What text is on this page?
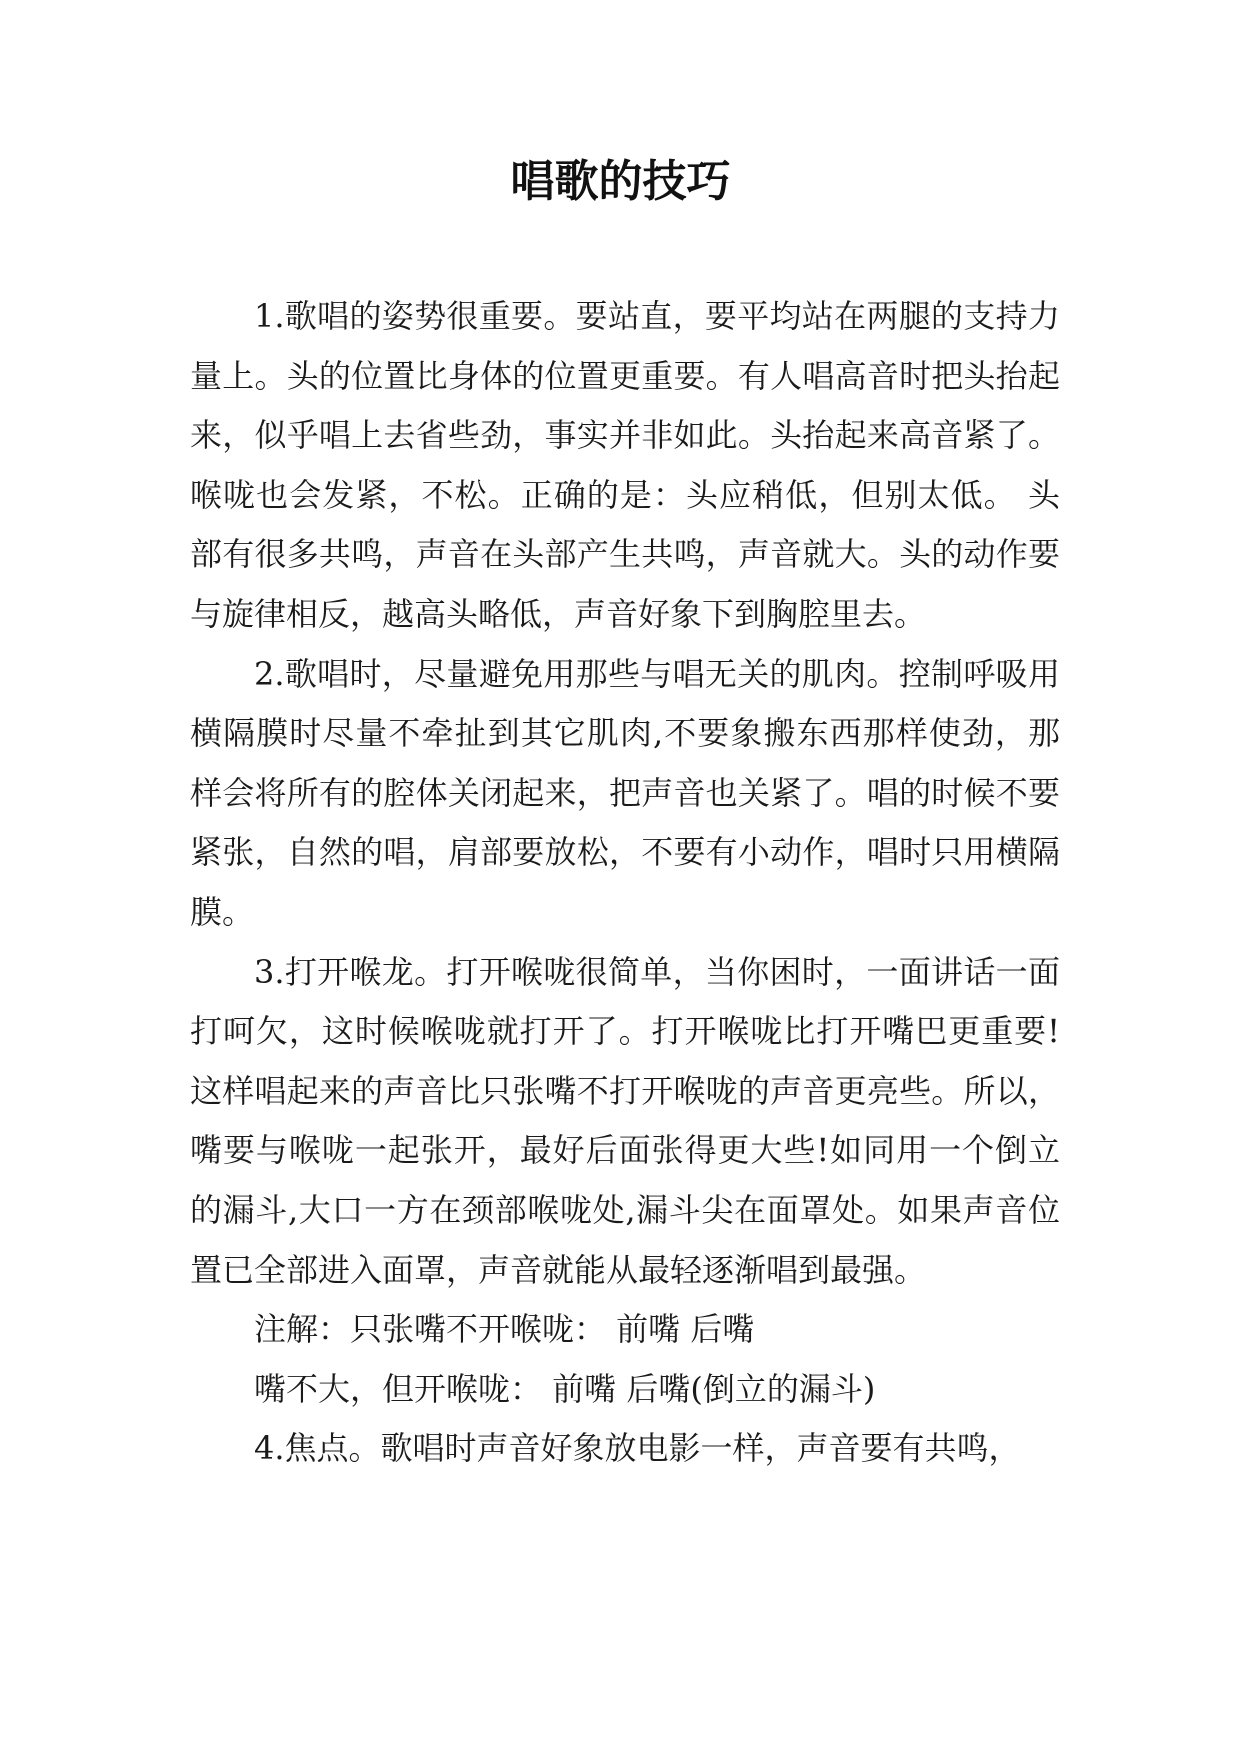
唱歌的技巧

1.歌唱的姿势很重要。要站直，要平均站在两腿的支持力量上。头的位置比身体的位置更重要。有人唱高音时把头抬起来，似乎唱上去省些劲，事实并非如此。头抬起来高音紧了。喉咙也会发紧，不松。正确的是：头应稍低，但别太低。 头部有很多共鸣，声音在头部产生共鸣，声音就大。头的动作要与旋律相反，越高头略低，声音好象下到胸腔里去。

2.歌唱时，尽量避免用那些与唱无关的肌肉。控制呼吸用横隔膜时尽量不牵扯到其它肌肉,不要象搬东西那样使劲，那样会将所有的腔体关闭起来，把声音也关紧了。唱的时候不要紧张，自然的唱，肩部要放松，不要有小动作，唱时只用横隔膜。

3.打开喉龙。打开喉咙很简单，当你困时，一面讲话一面打呵欠，这时候喉咙就打开了。打开喉咙比打开嘴巴更重要!这样唱起来的声音比只张嘴不打开喉咙的声音更亮些。所以，嘴要与喉咙一起张开，最好后面张得更大些!如同用一个倒立的漏斗,大口一方在颈部喉咙处,漏斗尖在面罩处。如果声音位置已全部进入面罩，声音就能从最轻逐渐唱到最强。

注解：只张嘴不开喉咙： 前嘴 后嘴

嘴不大，但开喉咙： 前嘴 后嘴(倒立的漏斗)

4.焦点。歌唱时声音好象放电影一样，声音要有共鸣，
